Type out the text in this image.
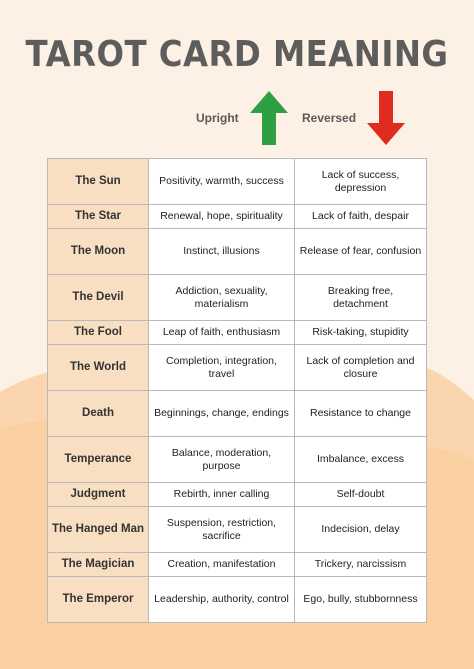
TAROT CARD MEANING
Upright	Reversed
The Sun	Positivity, warmth, success	Lack of success, depression
The Star	Renewal, hope, spirituality	Lack of faith, despair
The Moon	Instinct, illusions	Release of fear, confusion
The Devil	Addiction, sexuality, materialism	Breaking free, detachment
The Fool	Leap of faith, enthusiasm	Risk-taking, stupidity
The World	Completion, integration, travel	Lack of completion and closure
Death	Beginnings, change, endings	Resistance to change
Temperance	Balance, moderation, purpose	Imbalance, excess
Judgment	Rebirth, inner calling	Self-doubt
The Hanged Man	Suspension, restriction, sacrifice	Indecision, delay
The Magician	Creation, manifestation	Trickery, narcissism
The Emperor	Leadership, authority, control	Ego, bully, stubbornness
